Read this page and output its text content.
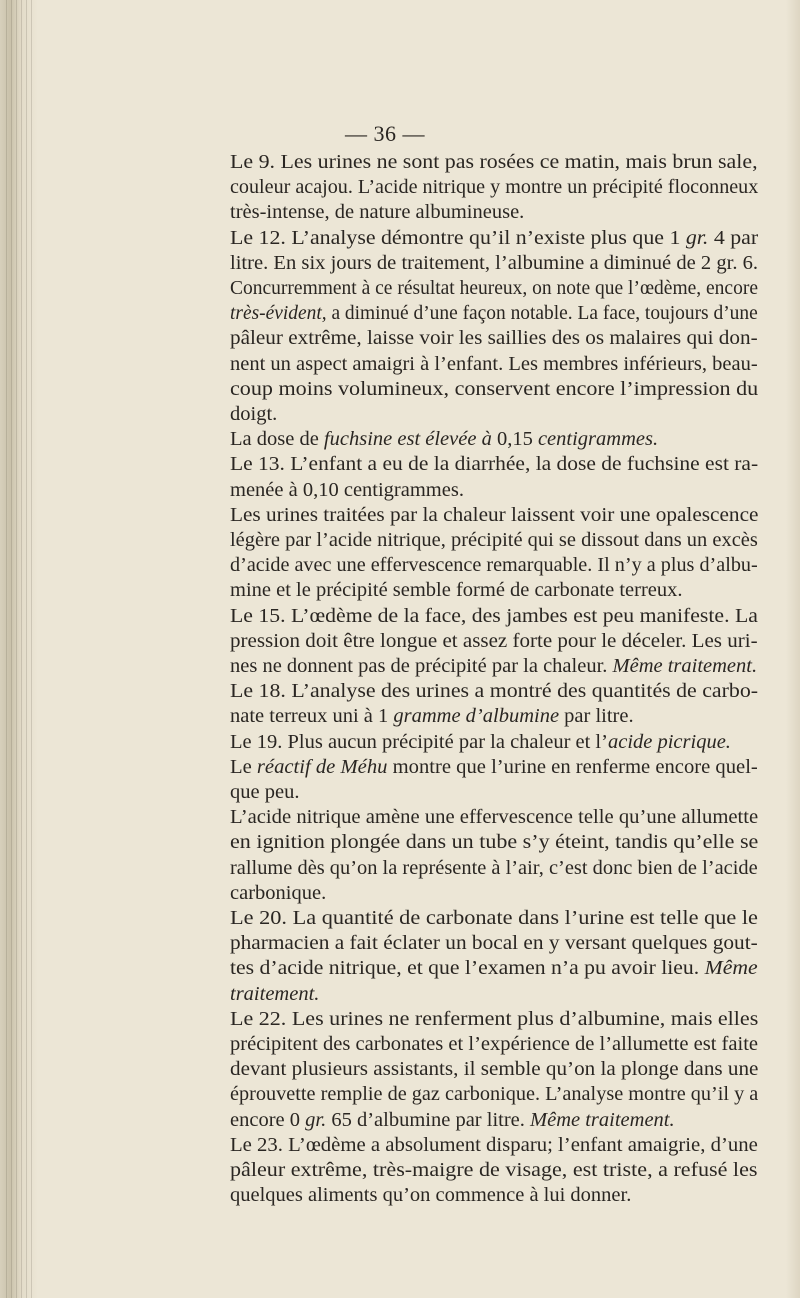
— 36 —
Le 9. Les urines ne sont pas rosées ce matin, mais brun sale,
couleur acajou. L’acide nitrique y montre un précipité floconneux
très-intense, de nature albumineuse.
Le 12. L’analyse démontre qu’il n’existe plus que 1 gr. 4 par
litre. En six jours de traitement, l’albumine a diminué de 2 gr. 6.
Concurremment à ce résultat heureux, on note que l’œdème, encore
très-évident, a diminué d’une façon notable. La face, toujours d’une
pâleur extrême, laisse voir les saillies des os malaires qui don-
nent un aspect amaigri à l’enfant. Les membres inférieurs, beau-
coup moins volumineux, conservent encore l’impression du
doigt.
La dose de fuchsine est élevée à 0,15 centigrammes.
Le 13. L’enfant a eu de la diarrhée, la dose de fuchsine est ra-
menée à 0,10 centigrammes.
Les urines traitées par la chaleur laissent voir une opalescence
légère par l’acide nitrique, précipité qui se dissout dans un excès
d’acide avec une effervescence remarquable. Il n’y a plus d’albu-
mine et le précipité semble formé de carbonate terreux.
Le 15. L’œdème de la face, des jambes est peu manifeste. La
pression doit être longue et assez forte pour le déceler. Les uri-
nes ne donnent pas de précipité par la chaleur. Même traitement.
Le 18. L’analyse des urines a montré des quantités de carbo-
nate terreux uni à 1 gramme d’albumine par litre.
Le 19. Plus aucun précipité par la chaleur et l’acide picrique.
Le réactif de Méhu montre que l’urine en renferme encore quel-
que peu.
L’acide nitrique amène une effervescence telle qu’une allumette
en ignition plongée dans un tube s’y éteint, tandis qu’elle se
rallume dès qu’on la représente à l’air, c’est donc bien de l’acide
carbonique.
Le 20. La quantité de carbonate dans l’urine est telle que le
pharmacien a fait éclater un bocal en y versant quelques gout-
tes d’acide nitrique, et que l’examen n’a pu avoir lieu. Même
traitement.
Le 22. Les urines ne renferment plus d’albumine, mais elles
précipitent des carbonates et l’expérience de l’allumette est faite
devant plusieurs assistants, il semble qu’on la plonge dans une
éprouvette remplie de gaz carbonique. L’analyse montre qu’il y a
encore 0 gr. 65 d’albumine par litre. Même traitement.
Le 23. L’œdème a absolument disparu; l’enfant amaigrie, d’une
pâleur extrême, très-maigre de visage, est triste, a refusé les
quelques aliments qu’on commence à lui donner.
